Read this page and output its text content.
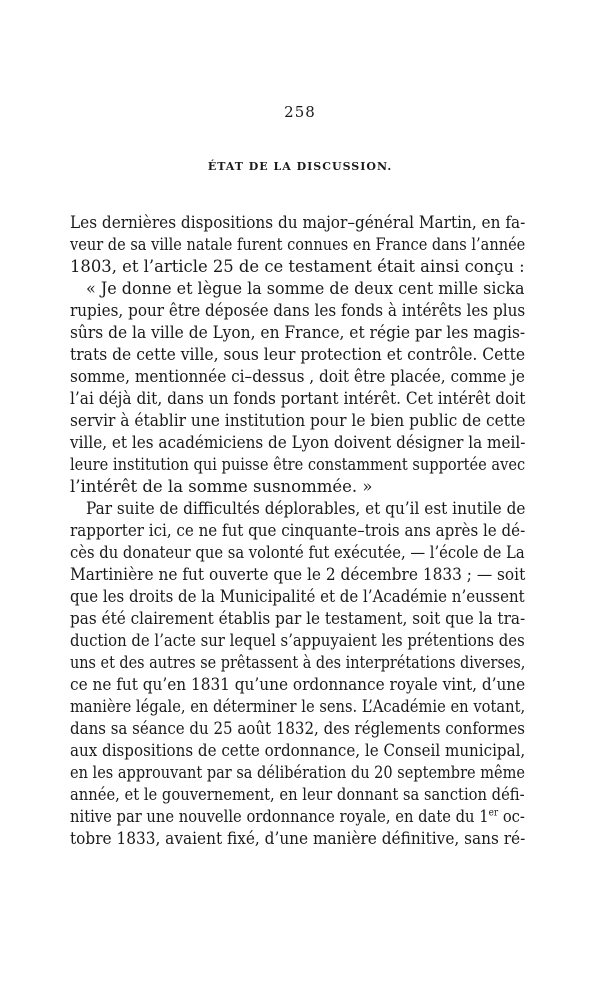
258
ÉTAT DE LA DISCUSSION.
Les dernières dispositions du major–général Martin, en fa-
veur de sa ville natale furent connues en France dans l’année
1803, et l’article 25 de ce testament était ainsi conçu :
« Je donne et lègue la somme de deux cent mille sicka
rupies, pour être déposée dans les fonds à intérêts les plus
sûrs de la ville de Lyon, en France, et régie par les magis-
trats de cette ville, sous leur protection et contrôle. Cette
somme, mentionnée ci–dessus , doit être placée, comme je
l’ai déjà dit, dans un fonds portant intérêt. Cet intérêt doit
servir à établir une institution pour le bien public de cette
ville, et les académiciens de Lyon doivent désigner la meil-
leure institution qui puisse être constamment supportée avec
l’intérêt de la somme susnommée. »
Par suite de difficultés déplorables, et qu’il est inutile de
rapporter ici, ce ne fut que cinquante–trois ans après le dé-
cès du donateur que sa volonté fut exécutée, — l’école de La
Martinière ne fut ouverte que le 2 décembre 1833 ; — soit
que les droits de la Municipalité et de l’Académie n’eussent
pas été clairement établis par le testament, soit que la tra-
duction de l’acte sur lequel s’appuyaient les prétentions des
uns et des autres se prêtassent à des interprétations diverses,
ce ne fut qu’en 1831 qu’une ordonnance royale vint, d’une
manière légale, en déterminer le sens. L’Académie en votant,
dans sa séance du 25 août 1832, des réglements conformes
aux dispositions de cette ordonnance, le Conseil municipal,
en les approuvant par sa délibération du 20 septembre même
année, et le gouvernement, en leur donnant sa sanction défi-
nitive par une nouvelle ordonnance royale, en date du 1er oc-
tobre 1833, avaient fixé, d’une manière définitive, sans ré-
